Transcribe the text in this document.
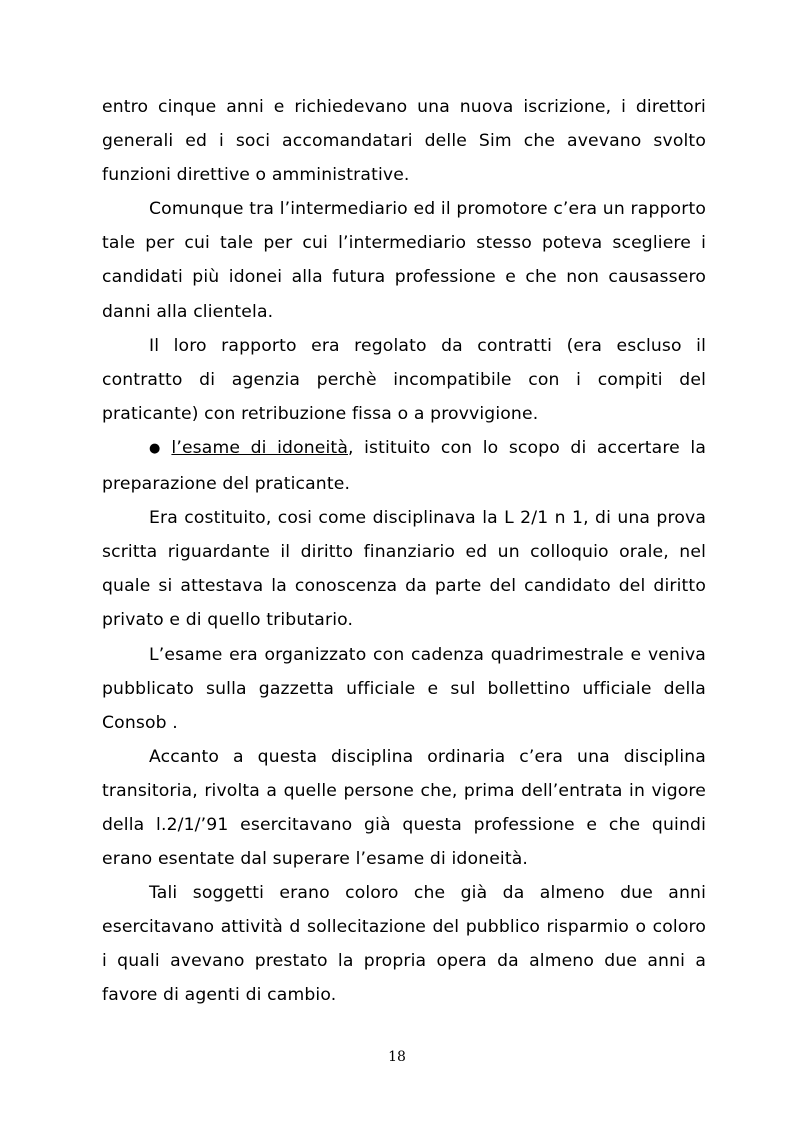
entro cinque anni e richiedevano una nuova iscrizione, i direttori generali ed i soci accomandatari delle Sim che avevano svolto funzioni direttive o amministrative.

Comunque tra l’intermediario ed il promotore c’era un rapporto tale per cui tale per cui l’intermediario stesso poteva scegliere i candidati più idonei alla futura professione e che non causassero danni alla clientela.

Il loro rapporto era regolato da contratti (era escluso il contratto di agenzia perchè incompatibile con i compiti del praticante) con retribuzione fissa o a provvigione.

● l’esame di idoneità, istituito con lo scopo di accertare la preparazione del praticante.

Era costituito, cosi come disciplinava la L 2/1 n 1, di una prova scritta riguardante il diritto finanziario ed un colloquio orale, nel quale si attestava la conoscenza da parte del candidato del diritto privato e di quello tributario.

L’esame era organizzato con cadenza quadrimestrale e veniva pubblicato sulla gazzetta ufficiale e sul bollettino ufficiale della Consob .

Accanto a questa disciplina ordinaria c’era una disciplina transitoria, rivolta a quelle persone che, prima dell’entrata in vigore della l.2/1/’91 esercitavano già questa professione e che quindi erano esentate dal superare l’esame di idoneità.

Tali soggetti erano coloro che già da almeno due anni esercitavano attività d sollecitazione del pubblico risparmio o coloro i quali avevano prestato la propria opera da almeno due anni a favore di agenti di cambio.

18
